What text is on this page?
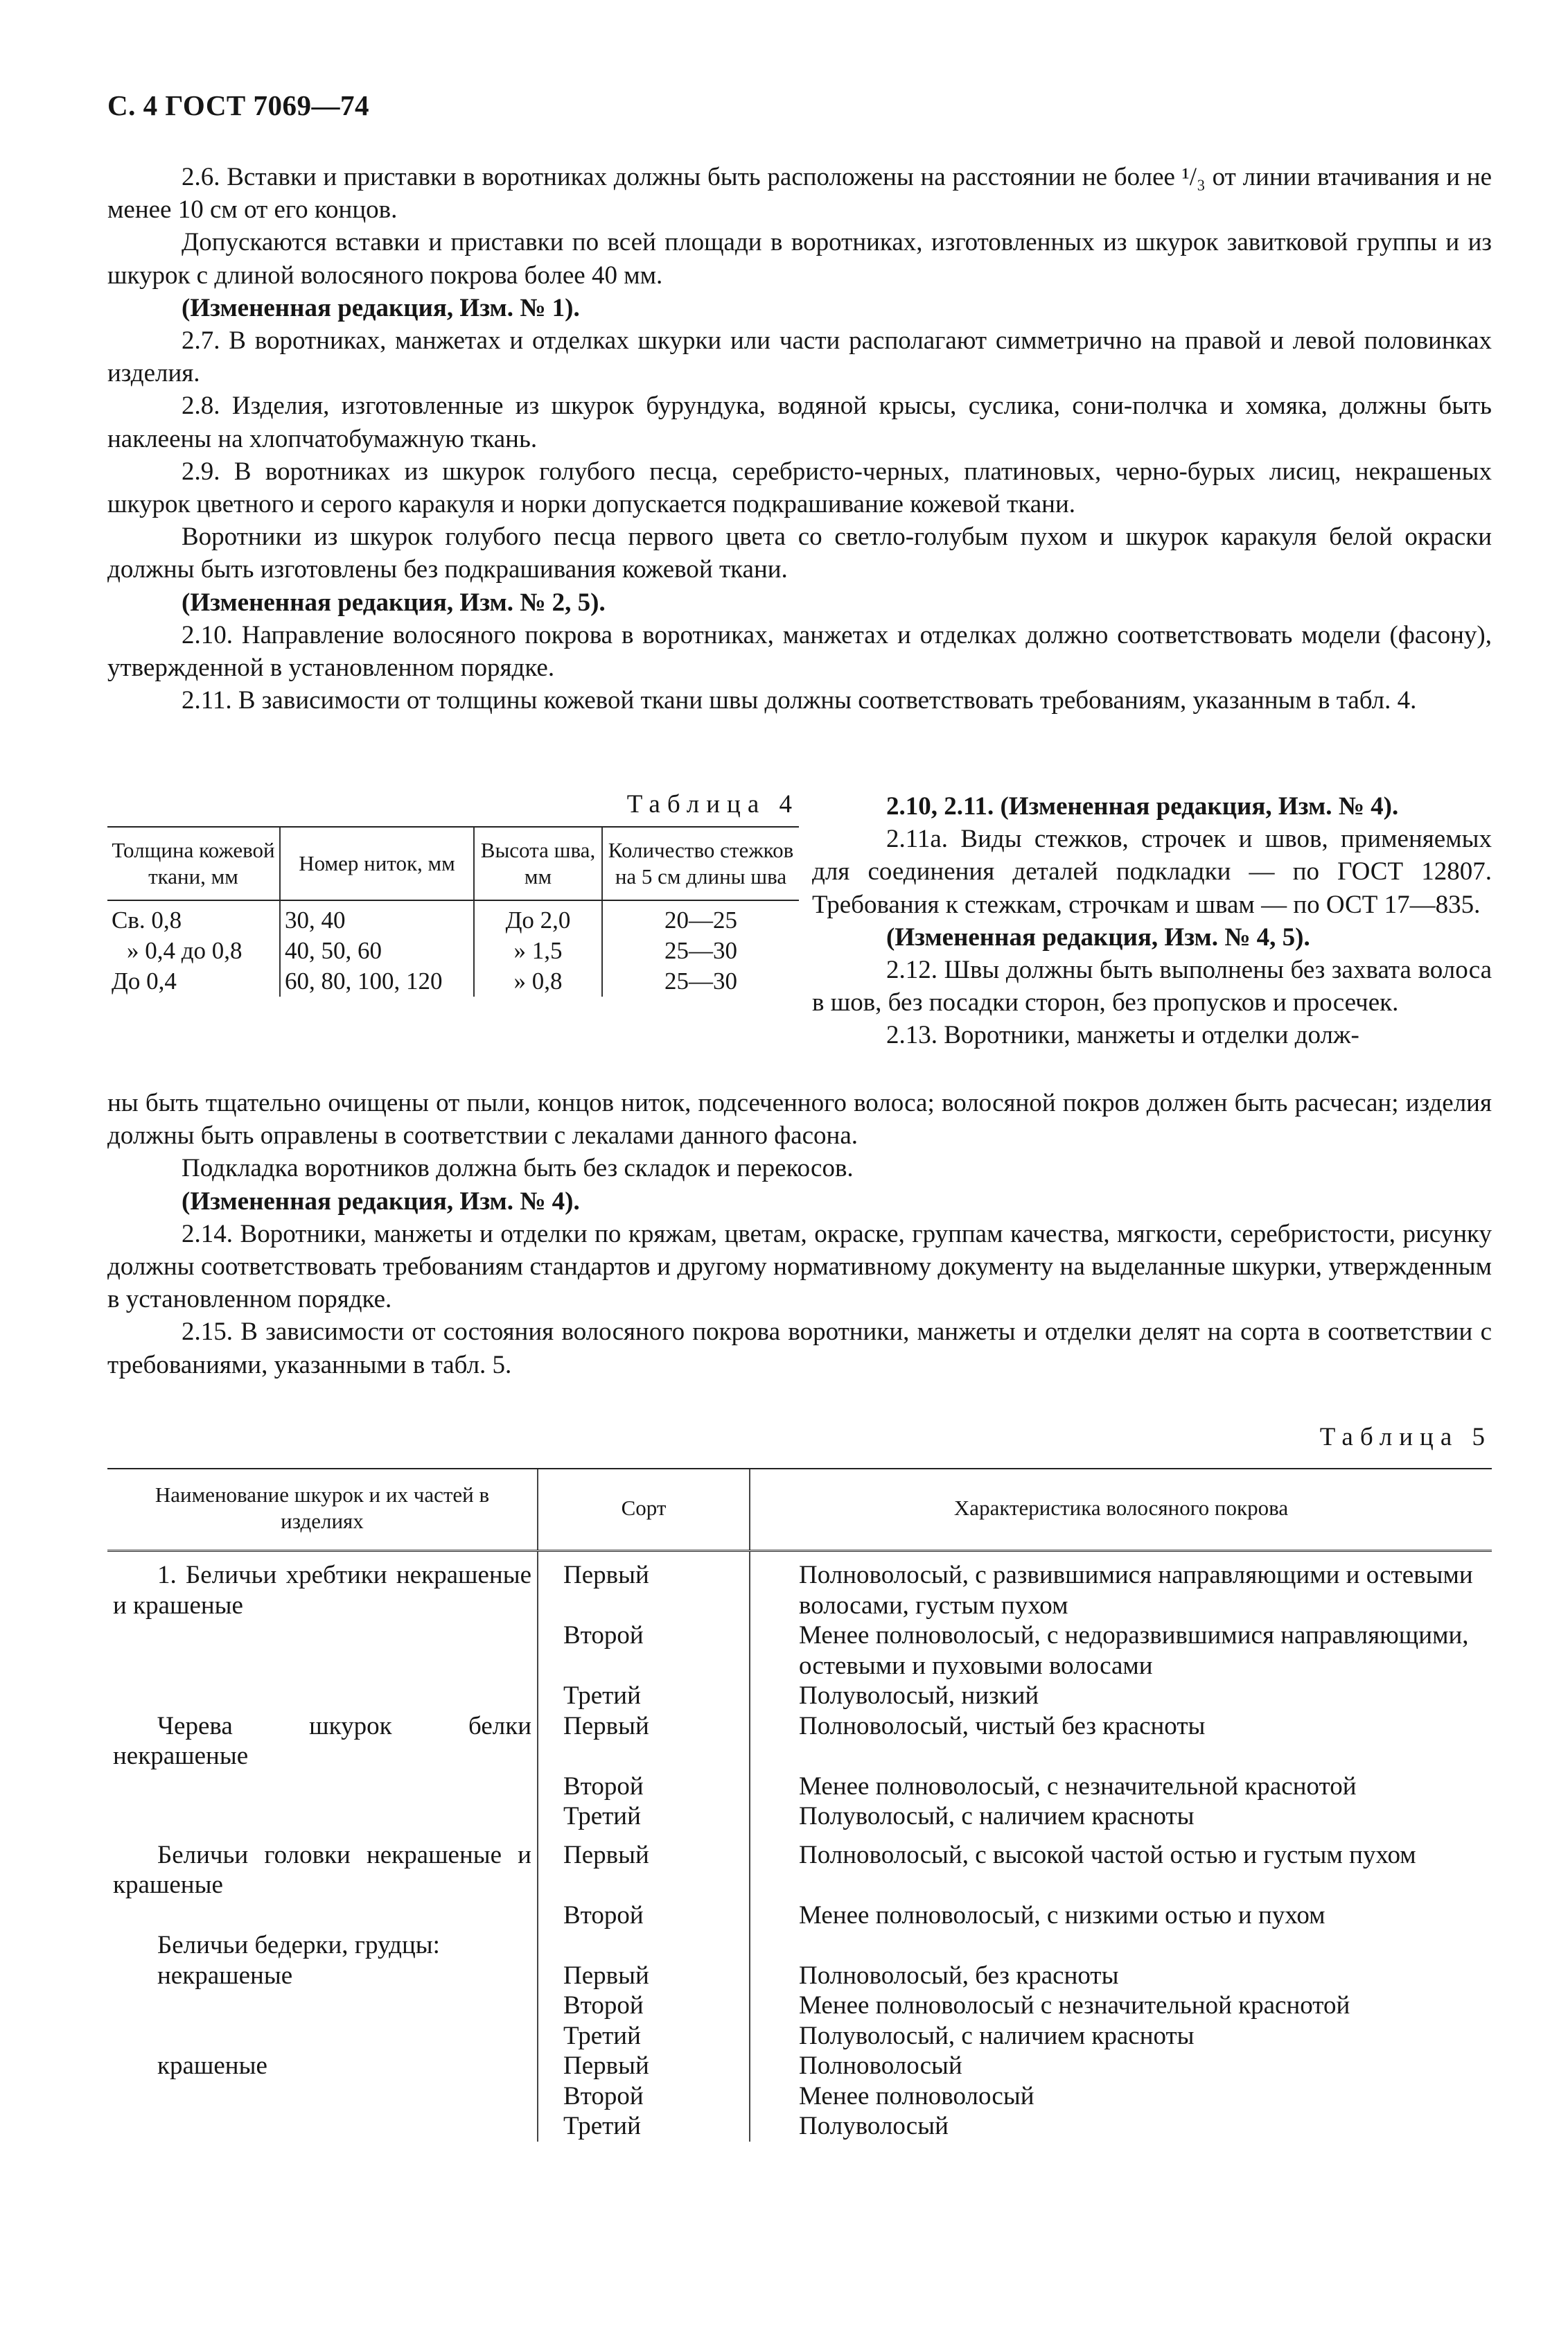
С. 4 ГОСТ 7069—74

2.6. Вставки и приставки в воротниках должны быть расположены на расстоянии не более ¹/₃ от линии втачивания и не менее 10 см от его концов.

Допускаются вставки и приставки по всей площади в воротниках, изготовленных из шкурок завитковой группы и из шкурок с длиной волосяного покрова более 40 мм.

(Измененная редакция, Изм. № 1).

2.7. В воротниках, манжетах и отделках шкурки или части располагают симметрично на правой и левой половинках изделия.

2.8. Изделия, изготовленные из шкурок бурундука, водяной крысы, суслика, сони-полчка и хомяка, должны быть наклеены на хлопчатобумажную ткань.

2.9. В воротниках из шкурок голубого песца, серебристо-черных, платиновых, черно-бурых лисиц, некрашеных шкурок цветного и серого каракуля и норки допускается подкрашивание кожевой ткани.

Воротники из шкурок голубого песца первого цвета со светло-голубым пухом и шкурок каракуля белой окраски должны быть изготовлены без подкрашивания кожевой ткани.

(Измененная редакция, Изм. № 2, 5).

2.10. Направление волосяного покрова в воротниках, манжетах и отделках должно соответствовать модели (фасону), утвержденной в установленном порядке.

2.11. В зависимости от толщины кожевой ткани швы должны соответствовать требованиям, указанным в табл. 4.

Таблица 4
Толщина кожевой ткани, мм	Номер ниток, мм	Высота шва, мм	Количество стежков на 5 см длины шва
Св. 0,8	30, 40	До 2,0	20—25
» 0,4 до 0,8	40, 50, 60	» 1,5	25—30
До 0,4	60, 80, 100, 120	» 0,8	25—30

2.10, 2.11. (Измененная редакция, Изм. № 4).

2.11а. Виды стежков, строчек и швов, применяемых для соединения деталей подкладки — по ГОСТ 12807. Требования к стежкам, строчкам и швам — по ОСТ 17—835.

(Измененная редакция, Изм. № 4, 5).

2.12. Швы должны быть выполнены без захвата волоса в шов, без посадки сторон, без пропусков и просечек.

2.13. Воротники, манжеты и отделки долж-

ны быть тщательно очищены от пыли, концов ниток, подсеченного волоса; волосяной покров должен быть расчесан; изделия должны быть оправлены в соответствии с лекалами данного фасона.

Подкладка воротников должна быть без складок и перекосов.

(Измененная редакция, Изм. № 4).

2.14. Воротники, манжеты и отделки по кряжам, цветам, окраске, группам качества, мягкости, серебристости, рисунку должны соответствовать требованиям стандартов и другому нормативному документу на выделанные шкурки, утвержденным в установленном порядке.

2.15. В зависимости от состояния волосяного покрова воротники, манжеты и отделки делят на сорта в соответствии с требованиями, указанными в табл. 5.

Таблица 5
Наименование шкурок и их частей в изделиях	Сорт	Характеристика волосяного покрова
1. Беличьи хребтики некрашеные и крашеные	Первый	Полноволосый, с развившимися направляющими и остевыми волосами, густым пухом
	Второй	Менее полноволосый, с недоразвившимися направляющими, остевыми и пуховыми волосами
	Третий	Полуволосый, низкий
Черева шкурок белки некрашеные	Первый	Полноволосый, чистый без красноты
	Второй	Менее полноволосый, с незначительной краснотой
	Третий	Полуволосый, с наличием красноты
Беличьи головки некрашеные и крашеные	Первый	Полноволосый, с высокой частой остью и густым пухом
	Второй	Менее полноволосый, с низкими остью и пухом
Беличьи бедерки, грудцы:		
некрашеные	Первый	Полноволосый, без красноты
	Второй	Менее полноволосый с незначительной краснотой
	Третий	Полуволосый, с наличием красноты
крашеные	Первый	Полноволосый
	Второй	Менее полноволосый
	Третий	Полуволосый
